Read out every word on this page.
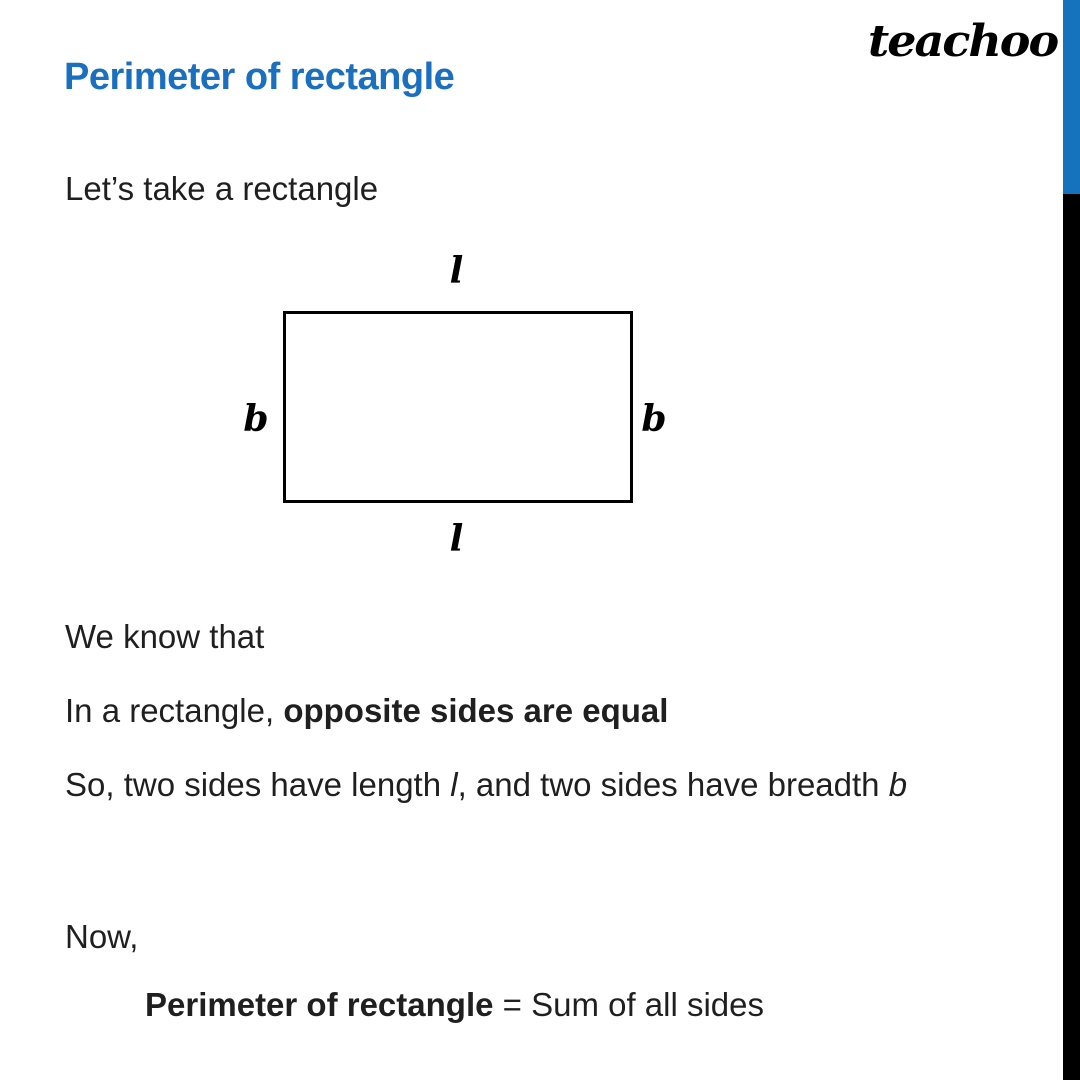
teachoo
Perimeter of rectangle
Let’s take a rectangle
l
l
b	b
We know that
In a rectangle, opposite sides are equal
So, two sides have length l, and two sides have breadth b
Now,
Perimeter of rectangle = Sum of all sides
